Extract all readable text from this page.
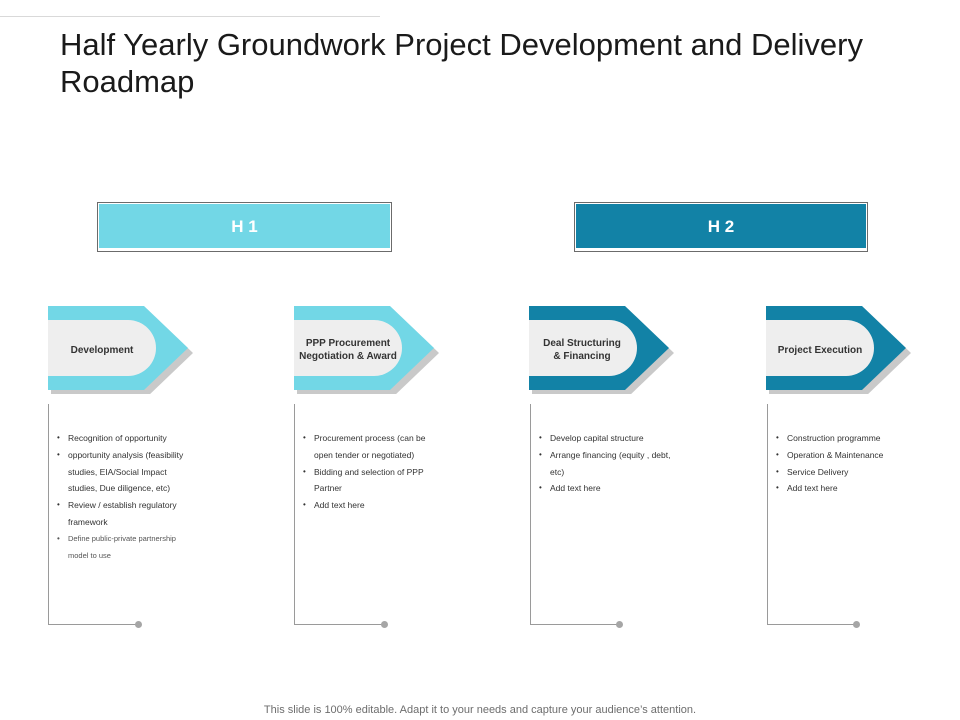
Half Yearly Groundwork Project Development and Delivery Roadmap
H 1	H 2
Development
• Recognition of opportunity
• opportunity analysis (feasibility studies, EIA/Social Impact studies, Due diligence, etc)
• Review / establish regulatory framework
• Define public-private partnership model to use
PPP Procurement Negotiation & Award
• Procurement process (can be open tender or negotiated)
• Bidding and selection of PPP Partner
• Add text here
Deal Structuring & Financing
• Develop capital structure
• Arrange financing (equity , debt, etc)
• Add text here
Project Execution
• Construction programme
• Operation & Maintenance
• Service Delivery
• Add text here
This slide is 100% editable. Adapt it to your needs and capture your audience’s attention.
